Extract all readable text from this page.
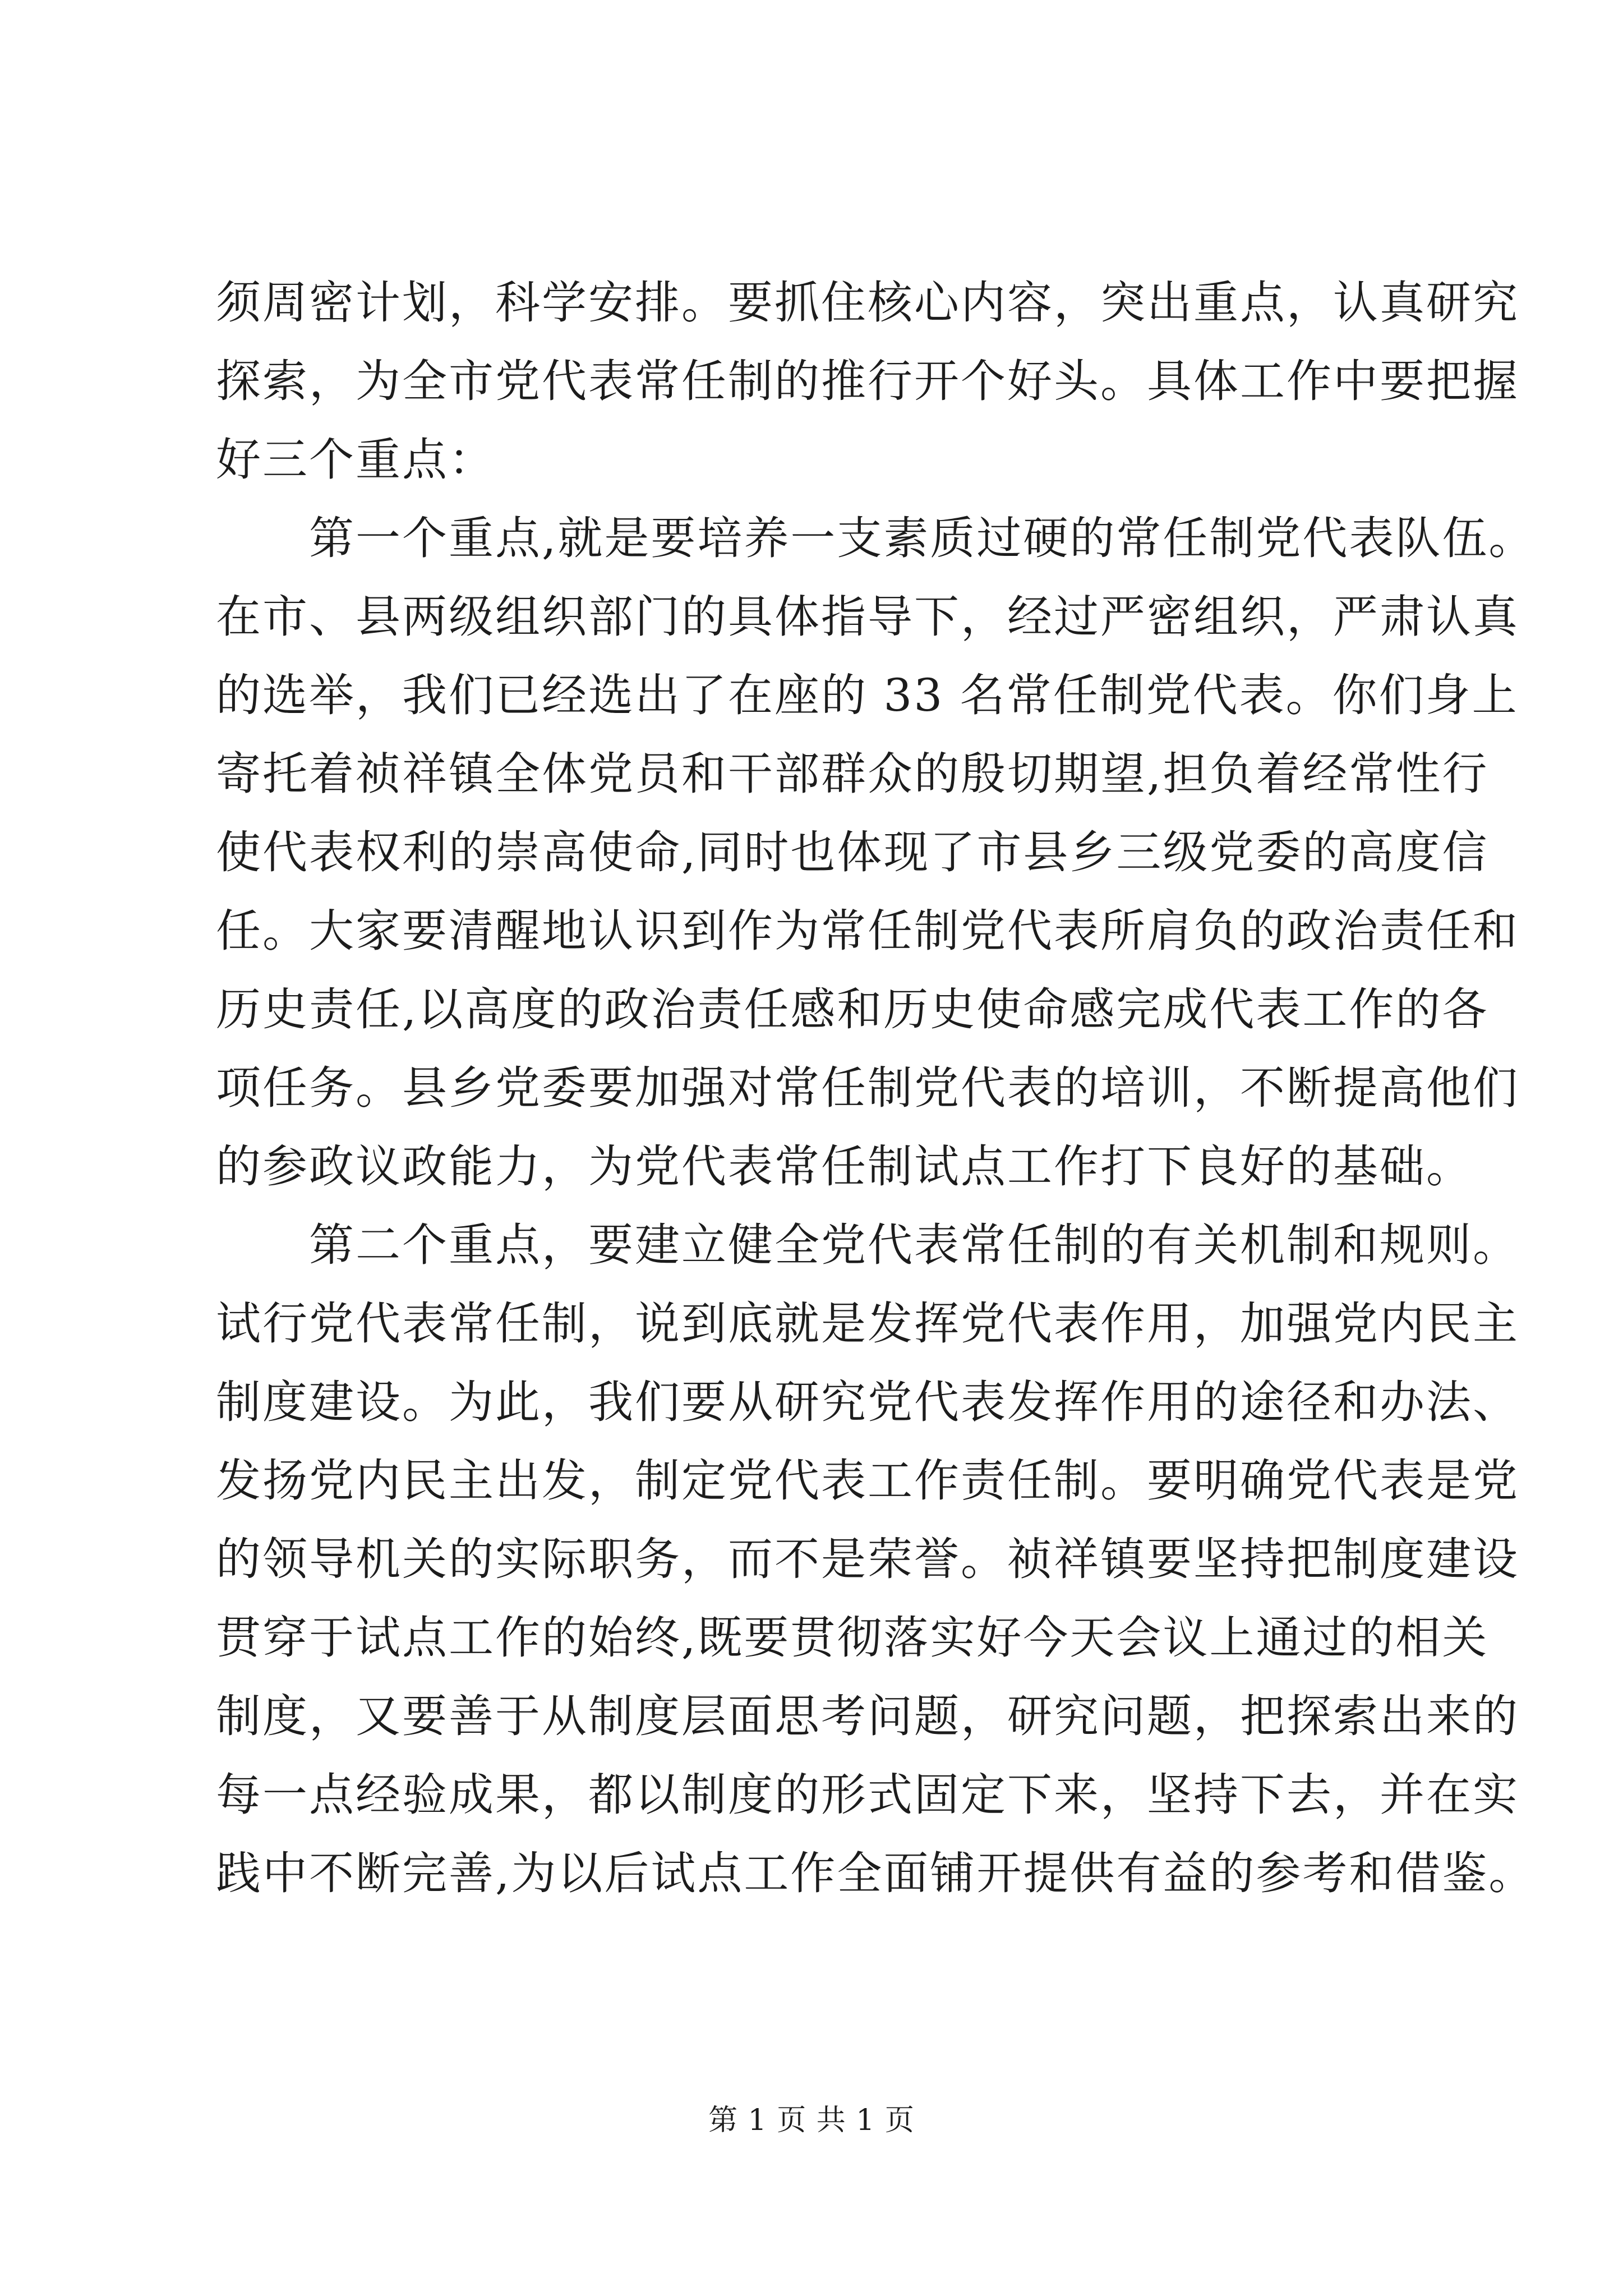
须周密计划，科学安排。要抓住核心内容，突出重点，认真研究
探索，为全市党代表常任制的推行开个好头。具体工作中要把握
好三个重点：
　　第一个重点,就是要培养一支素质过硬的常任制党代表队伍。
在市、县两级组织部门的具体指导下，经过严密组织，严肃认真
的选举，我们已经选出了在座的 33 名常任制党代表。你们身上
寄托着祯祥镇全体党员和干部群众的殷切期望,担负着经常性行
使代表权利的崇高使命,同时也体现了市县乡三级党委的高度信
任。大家要清醒地认识到作为常任制党代表所肩负的政治责任和
历史责任,以高度的政治责任感和历史使命感完成代表工作的各
项任务。县乡党委要加强对常任制党代表的培训，不断提高他们
的参政议政能力，为党代表常任制试点工作打下良好的基础。
　　第二个重点，要建立健全党代表常任制的有关机制和规则。
试行党代表常任制，说到底就是发挥党代表作用，加强党内民主
制度建设。为此，我们要从研究党代表发挥作用的途径和办法、
发扬党内民主出发，制定党代表工作责任制。要明确党代表是党
的领导机关的实际职务，而不是荣誉。祯祥镇要坚持把制度建设
贯穿于试点工作的始终,既要贯彻落实好今天会议上通过的相关
制度，又要善于从制度层面思考问题，研究问题，把探索出来的
每一点经验成果，都以制度的形式固定下来，坚持下去，并在实
践中不断完善,为以后试点工作全面铺开提供有益的参考和借鉴。
第 1 页 共 1 页
